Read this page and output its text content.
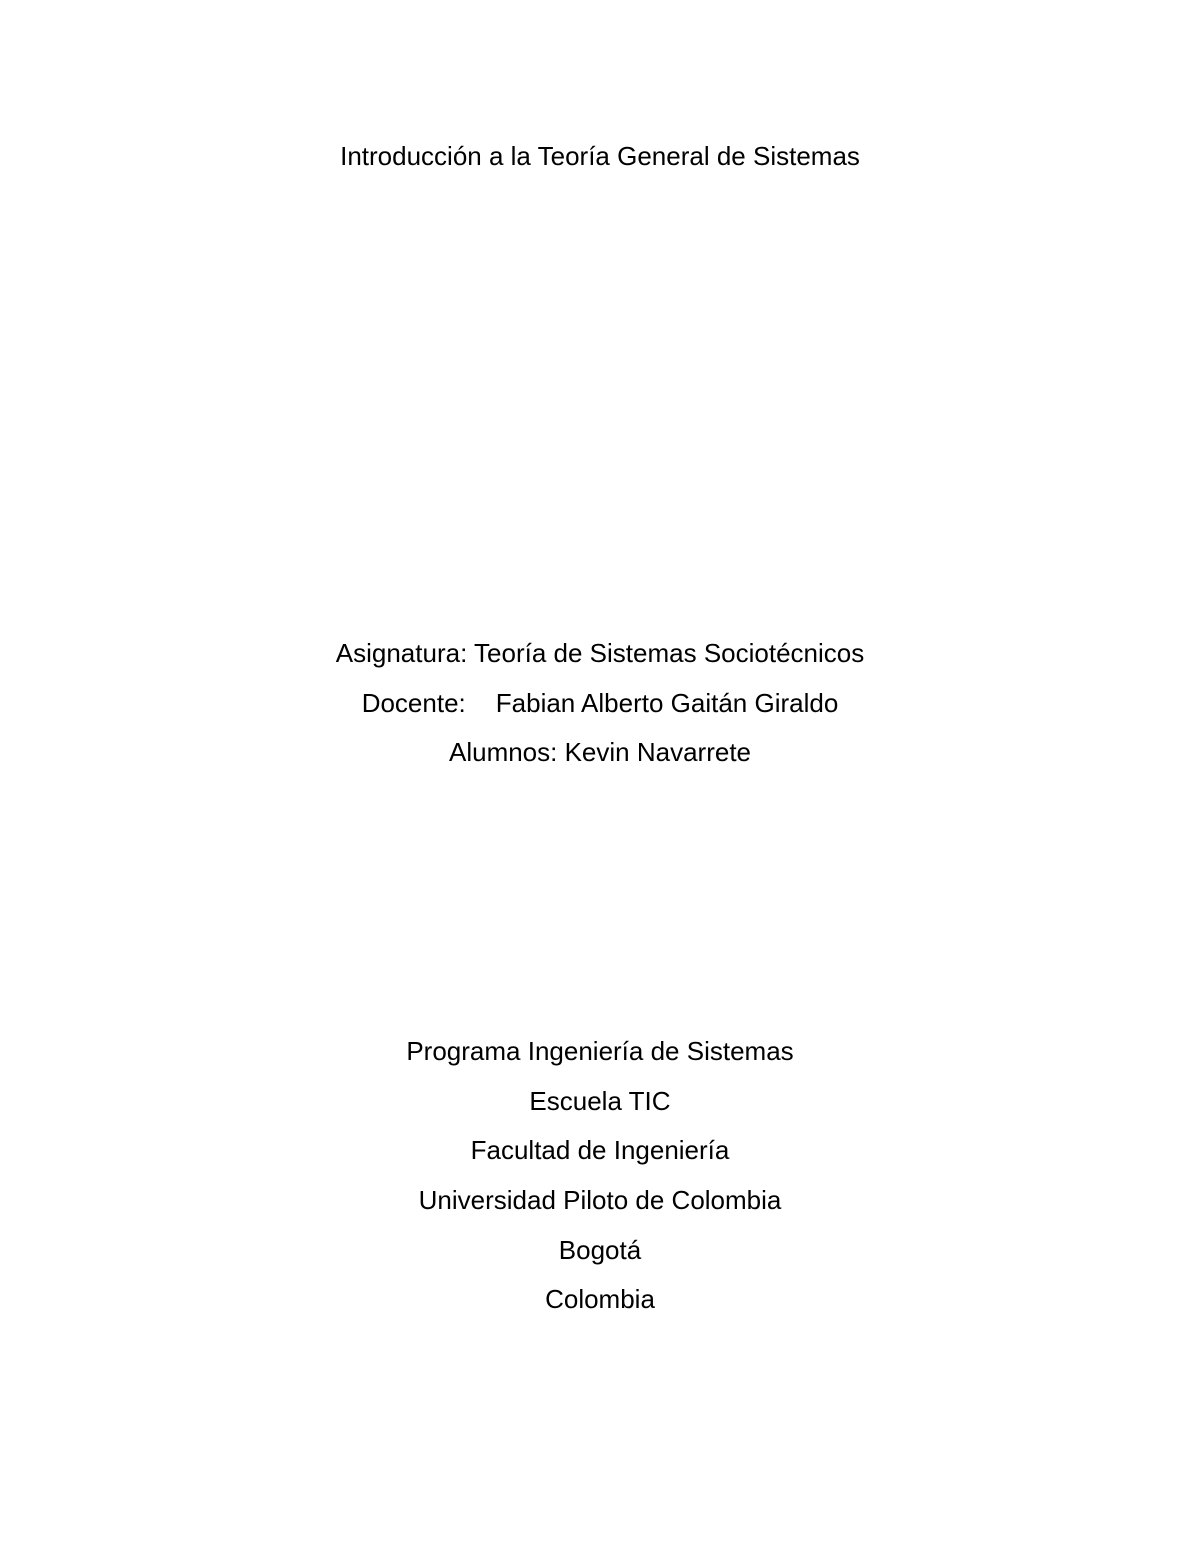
Introducción a la Teoría General de Sistemas
Asignatura: Teoría de Sistemas Sociotécnicos
Docente: Fabian Alberto Gaitán Giraldo
Alumnos: Kevin Navarrete
Programa Ingeniería de Sistemas
Escuela TIC
Facultad de Ingeniería
Universidad Piloto de Colombia
Bogotá
Colombia
